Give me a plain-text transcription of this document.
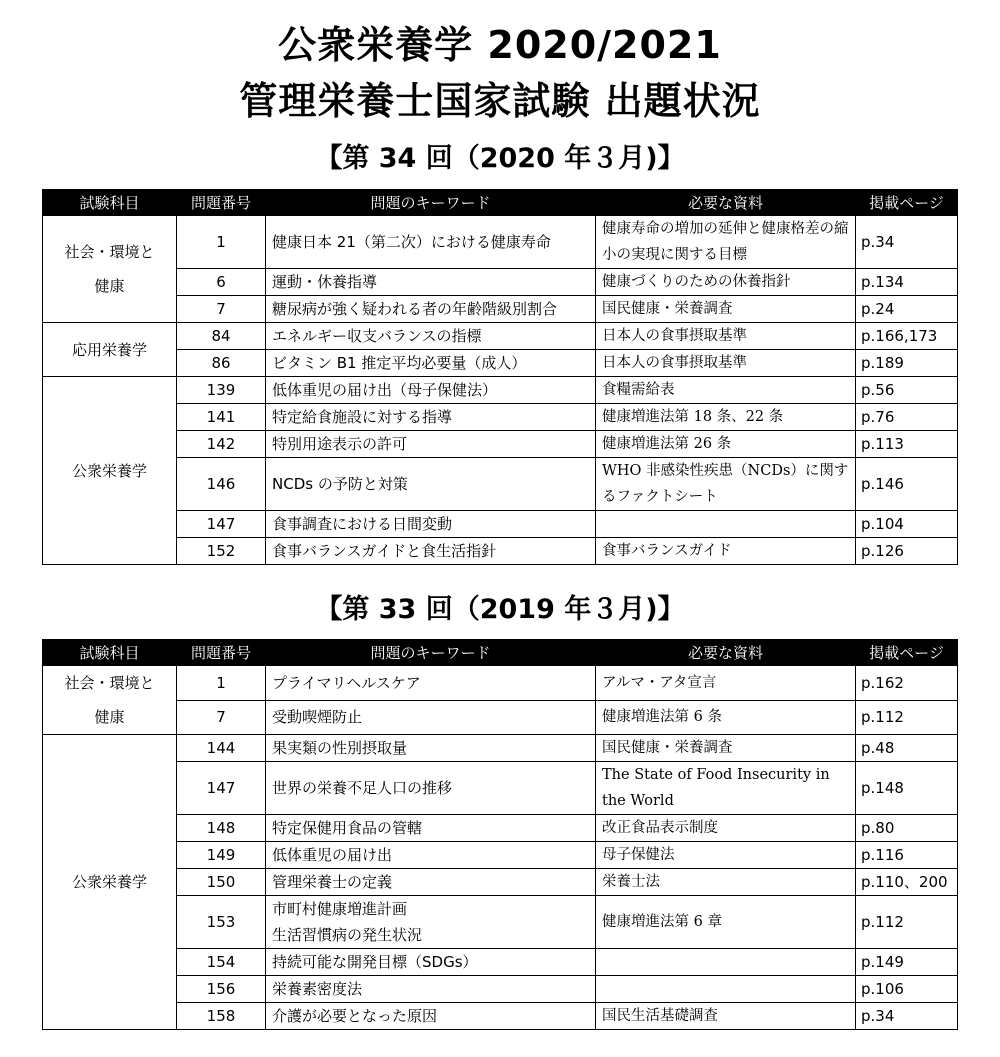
公衆栄養学 2020/2021
管理栄養士国家試験 出題状況
【第 34 回（2020 年３月)】
試験科目	問題番号	問題のキーワード	必要な資料	掲載ページ
社会・環境と
健康	1	健康日本 21（第二次）における健康寿命	健康寿命の増加の延伸と健康格差の縮小の実現に関する目標	p.34
	6	運動・休養指導	健康づくりのための休養指針	p.134
	7	糖尿病が強く疑われる者の年齢階級別割合	国民健康・栄養調査	p.24
応用栄養学	84	エネルギー収支バランスの指標	日本人の食事摂取基準	p.166,173
	86	ビタミン B1 推定平均必要量（成人）	日本人の食事摂取基準	p.189
公衆栄養学	139	低体重児の届け出（母子保健法）	食糧需給表	p.56
	141	特定給食施設に対する指導	健康増進法第 18 条、22 条	p.76
	142	特別用途表示の許可	健康増進法第 26 条	p.113
	146	NCDs の予防と対策	WHO 非感染性疾患（NCDs）に関するファクトシート	p.146
	147	食事調査における日間変動		p.104
	152	食事バランスガイドと食生活指針	食事バランスガイド	p.126
【第 33 回（2019 年３月)】
試験科目	問題番号	問題のキーワード	必要な資料	掲載ページ
社会・環境と
健康	1	プライマリヘルスケア	アルマ・アタ宣言	p.162
	7	受動喫煙防止	健康増進法第 6 条	p.112
公衆栄養学	144	果実類の性別摂取量	国民健康・栄養調査	p.48
	147	世界の栄養不足人口の推移	The State of Food Insecurity in the World	p.148
	148	特定保健用食品の管轄	改正食品表示制度	p.80
	149	低体重児の届け出	母子保健法	p.116
	150	管理栄養士の定義	栄養士法	p.110、200
	153	市町村健康増進計画
生活習慣病の発生状況	健康増進法第 6 章	p.112
	154	持続可能な開発目標（SDGs）		p.149
	156	栄養素密度法		p.106
	158	介護が必要となった原因	国民生活基礎調査	p.34
